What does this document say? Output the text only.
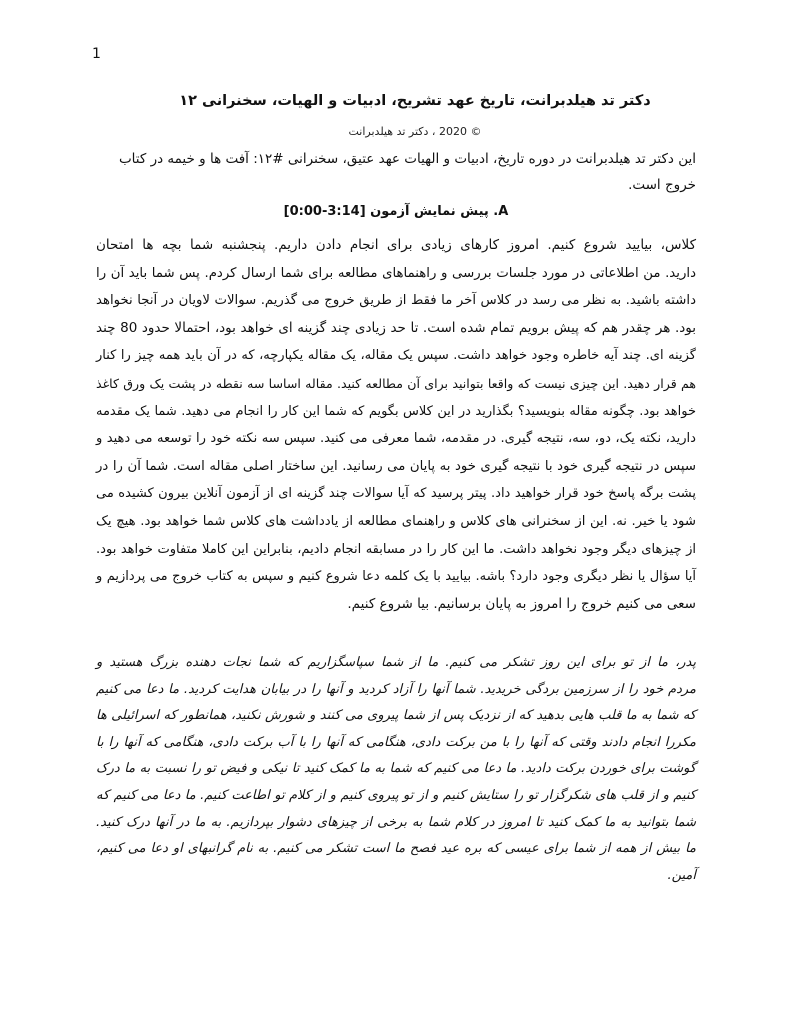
1
دکتر تد هیلدبرانت، تاریخ عهد تشریح، ادبیات و الهیات، سخنرانی ۱۲
© 2020 ، دکتر تد هیلدبرانت
این دکتر تد هیلدبرانت در دوره تاریخ، ادبیات و الهیات عهد عتیق، سخنرانی #۱۲: آفت ها و خیمه در کتاب
خروج است.
A. پیش نمایش آزمون [3:14-0:00]
کلاس، بیایید شروع کنیم. امروز کارهای زیادی برای انجام دادن داریم. پنجشنبه شما بچه ها امتحان
دارید. من اطلاعاتی در مورد جلسات بررسی و راهنماهای مطالعه برای شما ارسال کردم. پس شما باید آن را
داشته باشید. به نظر می رسد در کلاس آخر ما فقط از طریق خروج می گذریم. سوالات لاویان در آنجا نخواهد
بود. هر چقدر هم که پیش برویم تمام شده است. تا حد زیادی چند گزینه ای خواهد بود، احتمالا حدود 80 چند
گزینه ای. چند آیه خاطره وجود خواهد داشت. سپس یک مقاله، یک مقاله یکپارچه، که در آن باید همه چیز را کنار
هم قرار دهید. این چیزی نیست که واقعا بتوانید برای آن مطالعه کنید. مقاله اساسا سه نقطه در پشت یک ورق کاغذ
خواهد بود. چگونه مقاله بنویسید؟ بگذارید در این کلاس بگویم که شما این کار را انجام می دهید. شما یک مقدمه
دارید، نکته یک، دو، سه، نتیجه گیری. در مقدمه، شما معرفی می کنید. سپس سه نکته خود را توسعه می دهید و
سپس در نتیجه گیری خود با نتیجه گیری خود به پایان می رسانید. این ساختار اصلی مقاله است. شما آن را در
پشت برگه پاسخ خود قرار خواهید داد. پیتر پرسید که آیا سوالات چند گزینه ای از آزمون آنلاین بیرون کشیده می
شود یا خیر. نه. این از سخنرانی های کلاس و راهنمای مطالعه از یادداشت های کلاس شما خواهد بود. هیچ یک
از چیزهای دیگر وجود نخواهد داشت. ما این کار را در مسابقه انجام دادیم، بنابراین این کاملا متفاوت خواهد بود.
آیا سؤال یا نظر دیگری وجود دارد؟ باشه. بیایید با یک کلمه دعا شروع کنیم و سپس به کتاب خروج می پردازیم و
سعی می کنیم خروج را امروز به پایان برسانیم. بیا شروع کنیم.
پدر، ما از تو برای این روز تشکر می کنیم. ما از شما سپاسگزاریم که شما نجات دهنده بزرگ هستید و
مردم خود را از سرزمین بردگی خریدید. شما آنها را آزاد کردید و آنها را در بیابان هدایت کردید. ما دعا می کنیم
که شما به ما قلب هایی بدهید که از نزدیک پس از شما پیروی می کنند و شورش نکنید، همانطور که اسرائیلی ها
مکررا انجام دادند وقتی که آنها را با من برکت دادی، هنگامی که آنها را با آب برکت دادی، هنگامی که آنها را با
گوشت برای خوردن برکت دادید. ما دعا می کنیم که شما به ما کمک کنید تا نیکی و فیض تو را نسبت به ما درک
کنیم و از قلب های شکرگزار تو را ستایش کنیم و از تو پیروی کنیم و از کلام تو اطاعت کنیم. ما دعا می کنیم که
شما بتوانید به ما کمک کنید تا امروز در کلام شما به برخی از چیزهای دشوار بپردازیم. به ما در آنها درک کنید.
ما بیش از همه از شما برای عیسی که بره عید فصح ما است تشکر می کنیم. به نام گرانبهای او دعا می کنیم،
آمین.
